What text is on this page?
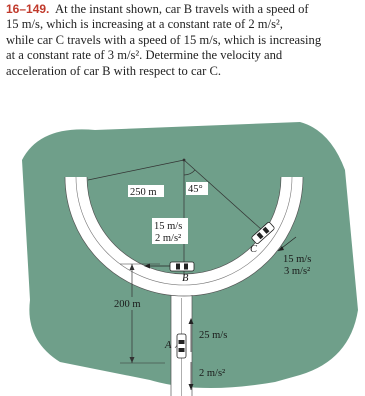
16–149. At the instant shown, car B travels with a speed of
15 m/s, which is increasing at a constant rate of 2 m/s²,
while car C travels with a speed of 15 m/s, which is increasing
at a constant rate of 3 m/s². Determine the velocity and
acceleration of car B with respect to car C.

250 m	45°
15 m/s
2 m/s²
B
C
15 m/s
3 m/s²
200 m
A
25 m/s
2 m/s²
